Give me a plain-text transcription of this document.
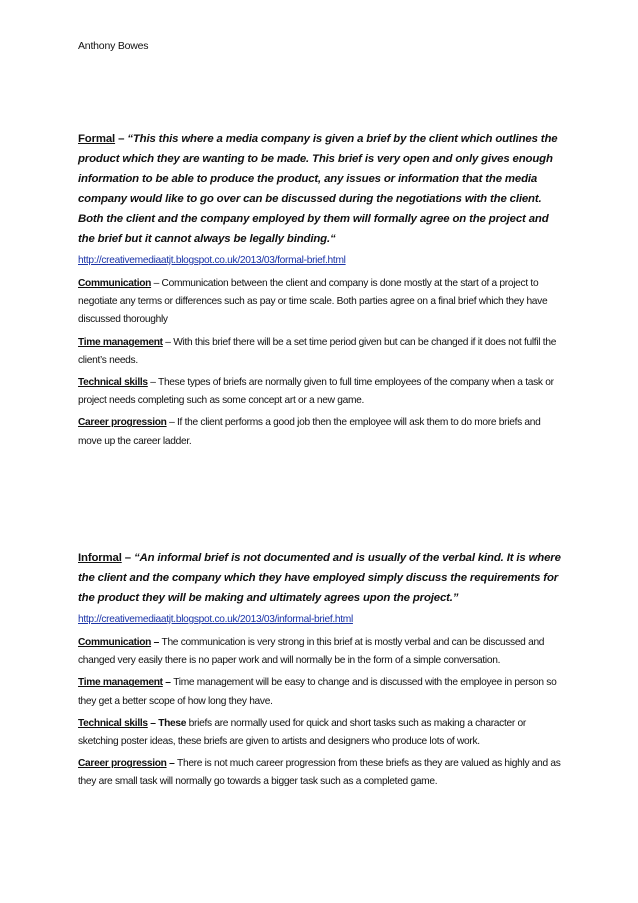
Anthony Bowes

Formal – “This this where a media company is given a brief by the client which outlines the product which they are wanting to be made. This brief is very open and only gives enough information to be able to produce the product, any issues or information that the media company would like to go over can be discussed during the negotiations with the client. Both the client and the company employed by them will formally agree on the project and the brief but it cannot always be legally binding.“

http://creativemediaatjt.blogspot.co.uk/2013/03/formal-brief.html

Communication – Communication between the client and company is done mostly at the start of a project to negotiate any terms or differences such as pay or time scale. Both parties agree on a final brief which they have discussed thoroughly

Time management – With this brief there will be a set time period given but can be changed if it does not fulfil the client’s needs.

Technical skills – These types of briefs are normally given to full time employees of the company when a task or project needs completing such as some concept art or a new game.

Career progression – If the client performs a good job then the employee will ask them to do more briefs and move up the career ladder.

Informal – “An informal brief is not documented and is usually of the verbal kind. It is where the client and the company which they have employed simply discuss the requirements for the product they will be making and ultimately agrees upon the project.”

http://creativemediaatjt.blogspot.co.uk/2013/03/informal-brief.html

Communication – The communication is very strong in this brief at is mostly verbal and can be discussed and changed very easily there is no paper work and will normally be in the form of a simple conversation.

Time management – Time management will be easy to change and is discussed with the employee in person so they get a better scope of how long they have.

Technical skills – These briefs are normally used for quick and short tasks such as making a character or sketching poster ideas, these briefs are given to artists and designers who produce lots of work.

Career progression – There is not much career progression from these briefs as they are valued as highly and as they are small task will normally go towards a bigger task such as a completed game.
